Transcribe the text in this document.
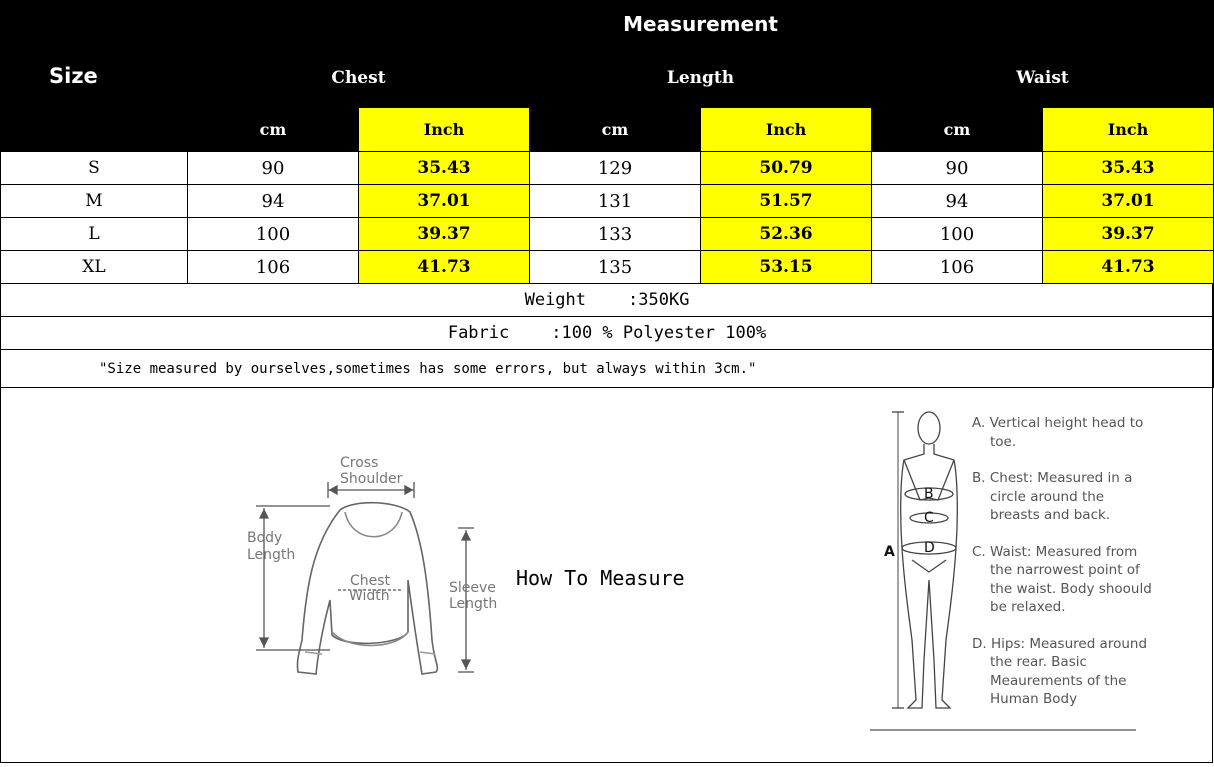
Size	Measurement					
	Chest		Length		Waist	
	cm	Inch	cm	Inch	cm	Inch
S	90	35.43	129	50.79	90	35.43
M	94	37.01	131	51.57	94	37.01
L	100	39.37	133	52.36	100	39.37
XL	106	41.73	135	53.15	106	41.73
Weight :350KG						
Fabric :100 % Polyester 100%						
"Size measured by ourselves,sometimes has some errors, but always within 3cm."						
Cross
Shoulder
Body
Length
Chest
Width	Sleeve
Length
A
B
C
D
How To Measure

A. Vertical height head to toe.

B. Chest: Measured in a circle around the breasts and back.

C. Waist: Measured from the narrowest point of the waist. Body shoould be relaxed.

D. Hips: Measured around the rear. Basic Meaurements of the Human Body
